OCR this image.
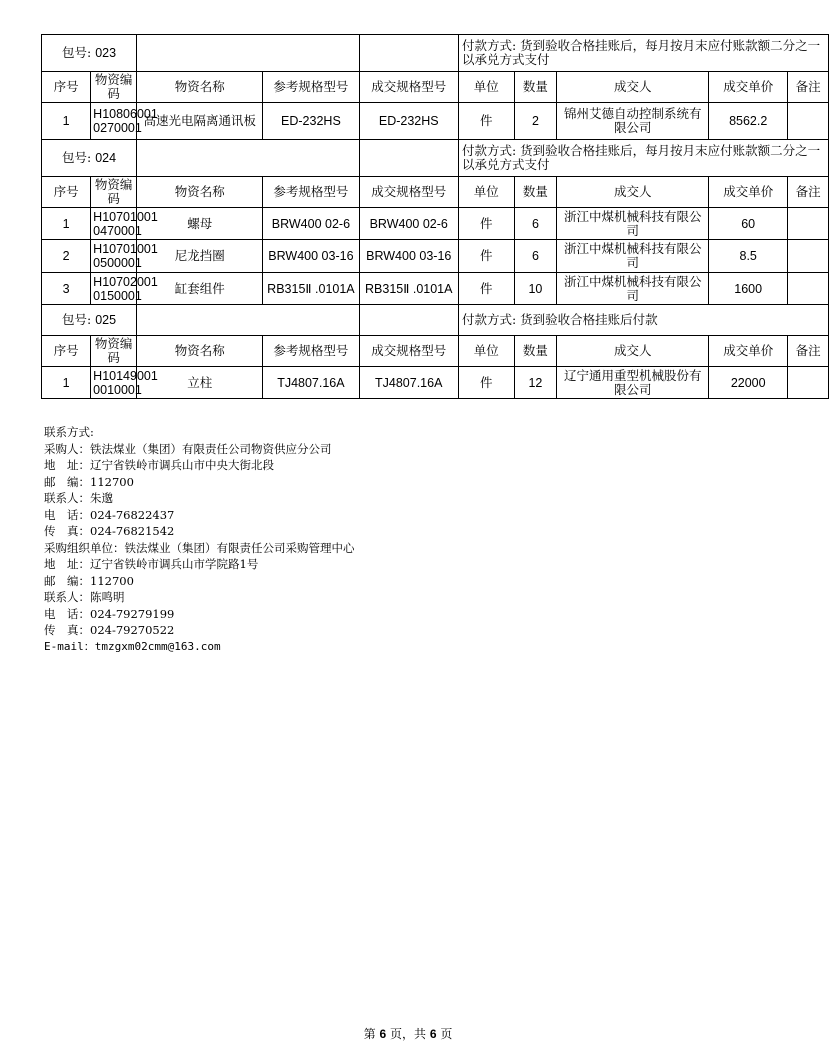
包号: 023					付款方式: 货到验收合格挂账后，每月按月末应付账款额二分之一以承兑方式支付				
序号	物资编码	物资名称	参考规格型号	成交规格型号	单位	数量	成交人	成交单价	备注
1	H10806001 0270001	高速光电隔离通讯板	ED-232HS	ED-232HS	件	2	锦州艾德自动控制系统有限公司	8562.2	
包号: 024					付款方式: 货到验收合格挂账后，每月按月末应付账款额二分之一以承兑方式支付				
序号	物资编码	物资名称	参考规格型号	成交规格型号	单位	数量	成交人	成交单价	备注
1	H10701001 0470001	螺母	BRW400 02-6	BRW400 02-6	件	6	浙江中煤机械科技有限公司	60	
2	H10701001 0500001	尼龙挡圈	BRW400 03-16	BRW400 03-16	件	6	浙江中煤机械科技有限公司	8.5	
3	H10702001 0150001	缸套组件	RB315Ⅱ .0101A	RB315Ⅱ .0101A	件	10	浙江中煤机械科技有限公司	1600	
包号: 025					付款方式: 货到验收合格挂账后付款				
序号	物资编码	物资名称	参考规格型号	成交规格型号	单位	数量	成交人	成交单价	备注
1	H10149001 0010001	立柱	TJ4807.16A	TJ4807.16A	件	12	辽宁通用重型机械股份有限公司	22000	
联系方式:
采购人：铁法煤业（集团）有限责任公司物资供应分公司
地　址：辽宁省铁岭市调兵山市中央大街北段
邮　编：112700
联系人：朱邈
电　话：024-76822437
传　真：024-76821542
采购组织单位：铁法煤业（集团）有限责任公司采购管理中心
地　址：辽宁省铁岭市调兵山市学院路1号
邮　编：112700
联系人：陈鸣明
电　话：024-79279199
传　真：024-79270522
E-mail：tmzgxm02cmm@163.com
第 6 页，共 6 页
